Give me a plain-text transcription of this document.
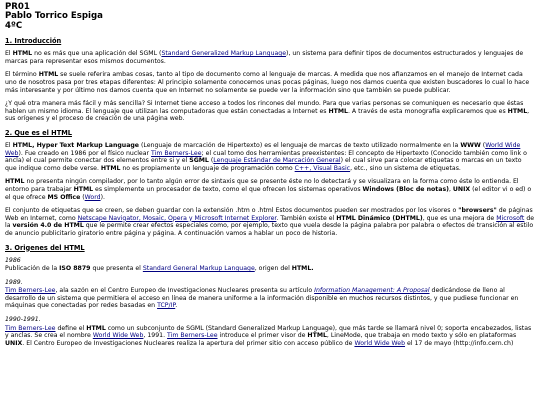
PR01

Pablo Torrico Espiga

4ºC

1. Introducción

El HTML no es más que una aplicación del SGML (Standard Generalized Markup Language), un sistema para definir tipos de documentos estructurados y lenguajes de marcas para representar esos mismos documentos.

El término HTML se suele referira ambas cosas, tanto al tipo de documento como al lenguaje de marcas. A medida que nos afianzamos en el manejo de Internet cada uno de nosotros pasa por tres etapas diferentes: Al principio solamente conocemos unas pocas páginas, luego nos damos cuenta que existen buscadores lo cual lo hace más interesante y por último nos damos cuenta que en Internet no solamente se puede ver la información sino que también se puede publicar.

¿Y qué otra manera más fácil y más sencilla? Si Internet tiene acceso a todos los rincones del mundo. Para que varias personas se comuniquen es necesario que éstas hablen un mismo idioma. El lenguaje que utilizan las computadoras que están conectadas a Internet es HTML. A través de esta monografía explicaremos que es HTML, sus orígenes y el proceso de creación de una página web.

2. Que es el HTML

El HTML, Hyper Text Markup Language (Lenguaje de marcación de Hipertexto) es el lenguaje de marcas de texto utilizado normalmente en la WWW (World Wide Web). Fue creado en 1986 por el físico nuclear Tim Berners-Lee; el cual tomo dos herramientas preexistentes: El concepto de Hipertexto (Conocido también como link o ancla) el cual permite conectar dos elementos entre si y el SGML (Lenguaje Estándar de Marcación General) el cual sirve para colocar etiquetas o marcas en un texto que indique como debe verse. HTML no es propiamente un lenguaje de programación como C++, Visual Basic, etc., sino un sistema de etiquetas.

HTML no presenta ningún compilador, por lo tanto algún error de sintaxis que se presente éste no lo detectará y se visualizara en la forma como éste lo entienda. El entorno para trabajar HTML es simplemente un procesador de texto, como el que ofrecen los sistemas operativos Windows (Bloc de notas), UNIX (el editor vi o ed) o el que ofrece MS Office (Word).

El conjunto de etiquetas que se creen, se deben guardar con la extensión .htm o .html Estos documentos pueden ser mostrados por los visores o "browsers" de páginas Web en Internet, como Netscape Navigator, Mosaic, Opera y Microsoft Internet Explorer. También existe el HTML Dinámico (DHTML), que es una mejora de Microsoft de la versión 4.0 de HTML que le permite crear efectos especiales como, por ejemplo, texto que vuela desde la página palabra por palabra o efectos de transición al estilo de anuncio publicitario giratorio entre página y página. A continuación vamos a hablar un poco de historia.

3. Origenes del HTML

1986

Publicación de la ISO 8879 que presenta el Standard General Markup Language, origen del HTML.

1989.

Tim Berners-Lee, ala sazón en el Centro Europeo de Investigaciones Nucleares presenta su artículo Information Management: A Proposal dedicándose de lleno al desarrollo de un sistema que permitiera el acceso en línea de manera uniforme a la información disponible en muchos recursos distintos, y que pudiese funcionar en máquinas que conectadas por redes basadas en TCP/IP.

1990-1991.

Tim Berners-Lee define el HTML como un subconjunto de SGML (Standard Generalized Markup Language), que más tarde se llamará nivel 0; soporta encabezados, listas y anclas. Se crea el nombre World Wide Web, 1991. Tim Berners-Lee introduce el primer visor de HTML, LineMode, que trabaja en modo texto y sólo en plataformas UNIX. El Centro Europeo de Investigaciones Nucleares realiza la apertura del primer sitio con acceso público de World Wide Web el 17 de mayo (http://info.cern.ch)
